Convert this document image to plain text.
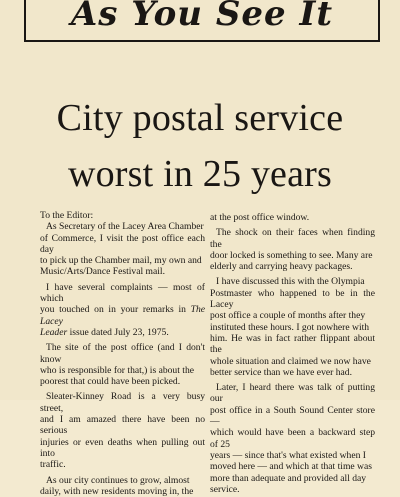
As You See It
City postal service
worst in 25 years

To the Editor:

As Secretary of the Lacey Area Chamber
of Commerce, I visit the post office each day
to pick up the Chamber mail, my own and
Music/Arts/Dance Festival mail.

I have several complaints — most of which
you touched on in your remarks in The Lacey
Leader issue dated July 23, 1975.

The site of the post office (and I don't know
who is responsible for that,) is about the
poorest that could have been picked.

Sleater-Kinney Road is a very busy street,
and I am amazed there have been no serious
injuries or even deaths when pulling out into
traffic.

As our city continues to grow, almost
daily, with new residents moving in, the

at the post office window.

The shock on their faces when finding the
door locked is something to see. Many are
elderly and carrying heavy packages.

I have discussed this with the Olympia
Postmaster who happened to be in the Lacey
post office a couple of months after they
instituted these hours. I got nowhere with
him. He was in fact rather flippant about the
whole situation and claimed we now have
better service than we have ever had.

Later, I heard there was talk of putting our
post office in a South Sound Center store —
which would have been a backward step of 25
years — since that's what existed when I
moved here — and which at that time was
more than adequate and provided all day
service.
